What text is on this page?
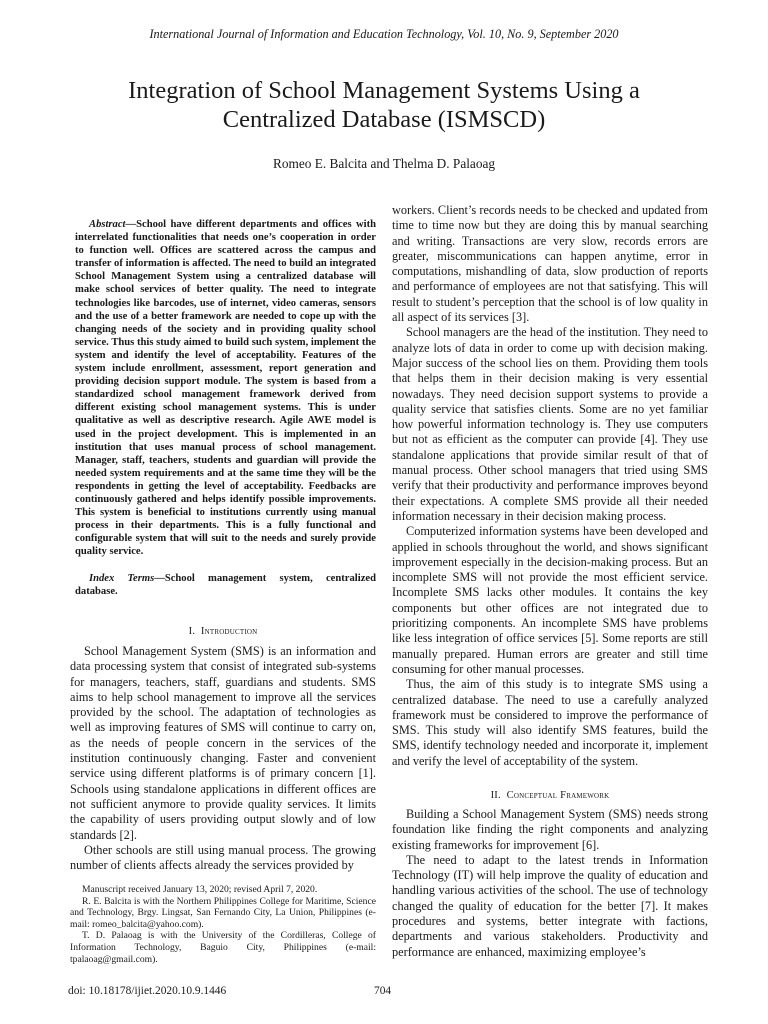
International Journal of Information and Education Technology, Vol. 10, No. 9, September 2020
Integration of School Management Systems Using a
Centralized Database (ISMSCD)
Romeo E. Balcita and Thelma D. Palaoag

Abstract—School have different departments and offices with interrelated functionalities that needs one’s cooperation in order to function well. Offices are scattered across the campus and transfer of information is affected. The need to build an integrated School Management System using a centralized database will make school services of better quality. The need to integrate technologies like barcodes, use of internet, video cameras, sensors and the use of a better framework are needed to cope up with the changing needs of the society and in providing quality school service. Thus this study aimed to build such system, implement the system and identify the level of acceptability. Features of the system include enrollment, assessment, report generation and providing decision support module. The system is based from a standardized school management framework derived from different existing school management systems. This is under qualitative as well as descriptive research. Agile AWE model is used in the project development. This is implemented in an institution that uses manual process of school management. Manager, staff, teachers, students and guardian will provide the needed system requirements and at the same time they will be the respondents in getting the level of acceptability. Feedbacks are continuously gathered and helps identify possible improvements. This system is beneficial to institutions currently using manual process in their departments. This is a fully functional and configurable system that will suit to the needs and surely provide quality service.

Index Terms—School management system, centralized database.

I. Introduction

School Management System (SMS) is an information and data processing system that consist of integrated sub-systems for managers, teachers, staff, guardians and students. SMS aims to help school management to improve all the services provided by the school. The adaptation of technologies as well as improving features of SMS will continue to carry on, as the needs of people concern in the services of the institution continuously changing. Faster and convenient service using different platforms is of primary concern [1]. Schools using standalone applications in different offices are not sufficient anymore to provide quality services. It limits the capability of users providing output slowly and of low standards [2].

Other schools are still using manual process. The growing number of clients affects already the services provided by

Manuscript received January 13, 2020; revised April 7, 2020.

R. E. Balcita is with the Northern Philippines College for Maritime, Science and Technology, Brgy. Lingsat, San Fernando City, La Union, Philippines (e-mail: romeo_balcita@yahoo.com).

T. D. Palaoag is with the University of the Cordilleras, College of Information Technology, Baguio City, Philippines (e-mail: tpalaoag@gmail.com).

workers. Client’s records needs to be checked and updated from time to time now but they are doing this by manual searching and writing. Transactions are very slow, records errors are greater, miscommunications can happen anytime, error in computations, mishandling of data, slow production of reports and performance of employees are not that satisfying. This will result to student’s perception that the school is of low quality in all aspect of its services [3].

School managers are the head of the institution. They need to analyze lots of data in order to come up with decision making. Major success of the school lies on them. Providing them tools that helps them in their decision making is very essential nowadays. They need decision support systems to provide a quality service that satisfies clients. Some are no yet familiar how powerful information technology is. They use computers but not as efficient as the computer can provide [4]. They use standalone applications that provide similar result of that of manual process. Other school managers that tried using SMS verify that their productivity and performance improves beyond their expectations. A complete SMS provide all their needed information necessary in their decision making process.

Computerized information systems have been developed and applied in schools throughout the world, and shows significant improvement especially in the decision-making process. But an incomplete SMS will not provide the most efficient service. Incomplete SMS lacks other modules. It contains the key components but other offices are not integrated due to prioritizing components. An incomplete SMS have problems like less integration of office services [5]. Some reports are still manually prepared. Human errors are greater and still time consuming for other manual processes.

Thus, the aim of this study is to integrate SMS using a centralized database. The need to use a carefully analyzed framework must be considered to improve the performance of SMS. This study will also identify SMS features, build the SMS, identify technology needed and incorporate it, implement and verify the level of acceptability of the system.

II. Conceptual Framework

Building a School Management System (SMS) needs strong foundation like finding the right components and analyzing existing frameworks for improvement [6].

The need to adapt to the latest trends in Information Technology (IT) will help improve the quality of education and handling various activities of the school. The use of technology changed the quality of education for the better [7]. It makes procedures and systems, better integrate with factions, departments and various stakeholders. Productivity and performance are enhanced, maximizing employee’s

doi: 10.18178/ijiet.2020.10.9.1446	704
